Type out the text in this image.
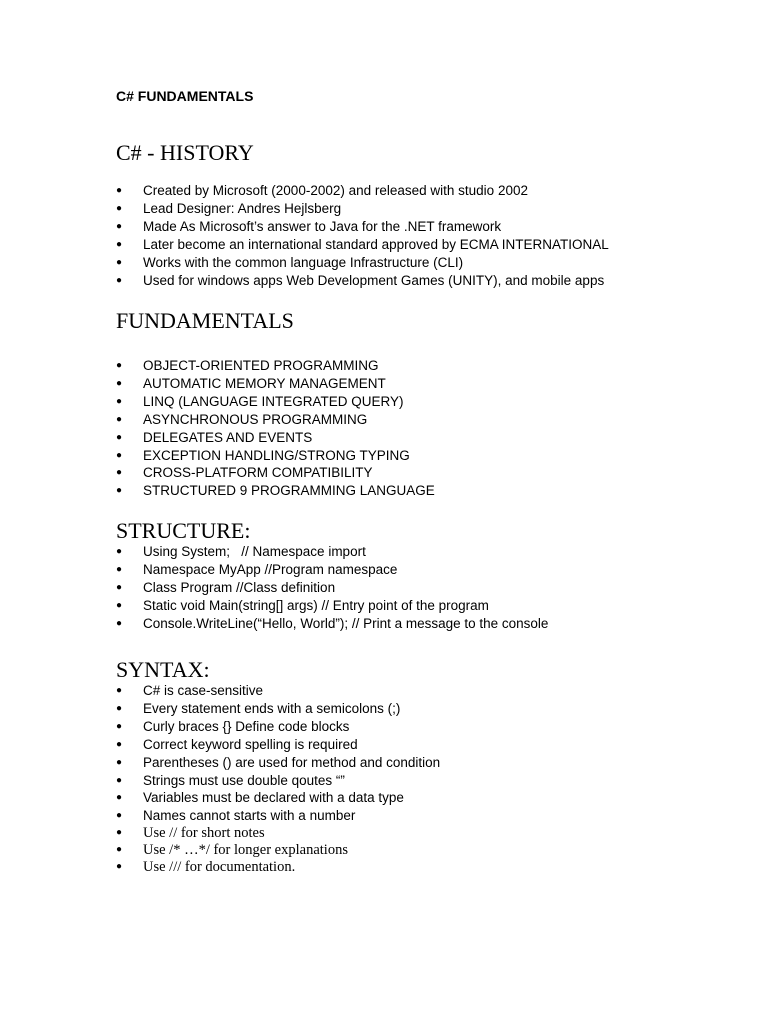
C# FUNDAMENTALS
C# - HISTORY
● Created by Microsoft (2000-2002) and released with studio 2002
● Lead Designer: Andres Hejlsberg
● Made As Microsoft’s answer to Java for the .NET framework
● Later become an international standard approved by ECMA INTERNATIONAL
● Works with the common language Infrastructure (CLI)
● Used for windows apps Web Development Games (UNITY), and mobile apps
FUNDAMENTALS
● OBJECT-ORIENTED PROGRAMMING
● AUTOMATIC MEMORY MANAGEMENT
● LINQ (LANGUAGE INTEGRATED QUERY)
● ASYNCHRONOUS PROGRAMMING
● DELEGATES AND EVENTS
● EXCEPTION HANDLING/STRONG TYPING
● CROSS-PLATFORM COMPATIBILITY
● STRUCTURED 9 PROGRAMMING LANGUAGE
STRUCTURE:
● Using System;   // Namespace import
● Namespace MyApp //Program namespace
● Class Program //Class definition
● Static void Main(string[] args) // Entry point of the program
● Console.WriteLine(“Hello, World”); // Print a message to the console
SYNTAX:
● C# is case-sensitive
● Every statement ends with a semicolons (;)
● Curly braces {} Define code blocks
● Correct keyword spelling is required
● Parentheses () are used for method and condition
● Strings must use double qoutes “”
● Variables must be declared with a data type
● Names cannot starts with a number
● Use // for short notes
● Use /* …*/ for longer explanations
● Use /// for documentation.
